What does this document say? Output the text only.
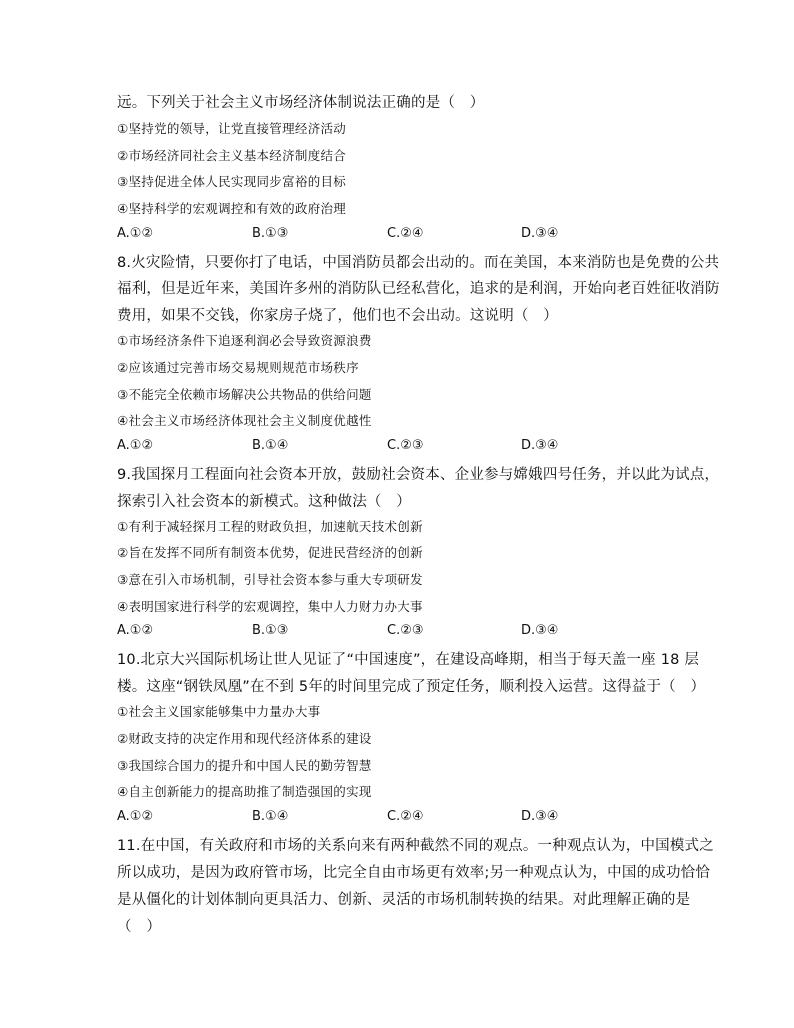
远。下列关于社会主义市场经济体制说法正确的是（　）
①坚持党的领导，让党直接管理经济活动
②市场经济同社会主义基本经济制度结合
③坚持促进全体人民实现同步富裕的目标
④坚持科学的宏观调控和有效的政府治理
A.①②	B.①③	C.②④	D.③④
8.火灾险情，只要你打了电话，中国消防员都会出动的。而在美国，本来消防也是免费的公共
福利，但是近年来，美国许多州的消防队已经私营化，追求的是利润，开始向老百姓征收消防
费用，如果不交钱，你家房子烧了，他们也不会出动。这说明（　）
①市场经济条件下追逐利润必会导致资源浪费
②应该通过完善市场交易规则规范市场秩序
③不能完全依赖市场解决公共物品的供给问题
④社会主义市场经济体现社会主义制度优越性
A.①②	B.①④	C.②③	D.③④
9.我国探月工程面向社会资本开放，鼓励社会资本、企业参与嫦娥四号任务，并以此为试点，
探索引入社会资本的新模式。这种做法（　）
①有利于减轻探月工程的财政负担，加速航天技术创新
②旨在发挥不同所有制资本优势，促进民营经济的创新
③意在引入市场机制，引导社会资本参与重大专项研发
④表明国家进行科学的宏观调控，集中人力财力办大事
A.①②	B.①③	C.②③	D.③④
10.北京大兴国际机场让世人见证了“中国速度”，在建设高峰期，相当于每天盖一座 18 层
楼。这座“钢铁凤凰”在不到 5年的时间里完成了预定任务，顺利投入运营。这得益于（　）
①社会主义国家能够集中力量办大事
②财政支持的决定作用和现代经济体系的建设
③我国综合国力的提升和中国人民的勤劳智慧
④自主创新能力的提高助推了制造强国的实现
A.①②	B.①④	C.②④	D.③④
11.在中国，有关政府和市场的关系向来有两种截然不同的观点。一种观点认为，中国模式之
所以成功，是因为政府管市场，比完全自由市场更有效率;另一种观点认为，中国的成功恰恰
是从僵化的计划体制向更具活力、创新、灵活的市场机制转换的结果。对此理解正确的是
（　）
